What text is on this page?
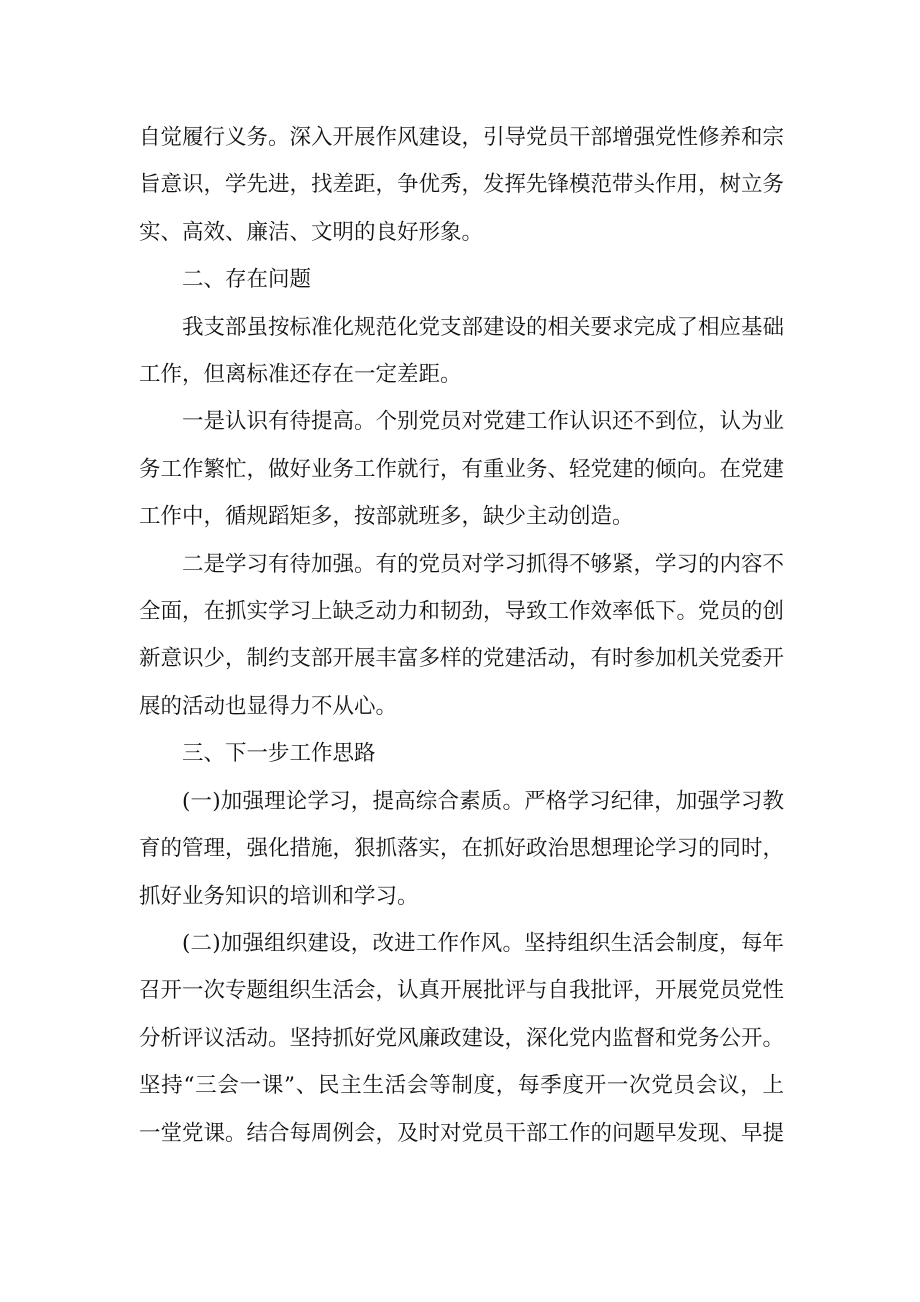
自觉履行义务。深入开展作风建设，引导党员干部增强党性修养和宗旨意识，学先进，找差距，争优秀，发挥先锋模范带头作用，树立务实、高效、廉洁、文明的良好形象。

二、存在问题

我支部虽按标准化规范化党支部建设的相关要求完成了相应基础工作，但离标准还存在一定差距。

一是认识有待提高。个别党员对党建工作认识还不到位，认为业务工作繁忙，做好业务工作就行，有重业务、轻党建的倾向。在党建工作中，循规蹈矩多，按部就班多，缺少主动创造。

二是学习有待加强。有的党员对学习抓得不够紧，学习的内容不全面，在抓实学习上缺乏动力和韧劲，导致工作效率低下。党员的创新意识少，制约支部开展丰富多样的党建活动，有时参加机关党委开展的活动也显得力不从心。

三、下一步工作思路

(一)加强理论学习，提高综合素质。严格学习纪律，加强学习教育的管理，强化措施，狠抓落实，在抓好政治思想理论学习的同时，抓好业务知识的培训和学习。

(二)加强组织建设，改进工作作风。坚持组织生活会制度，每年召开一次专题组织生活会，认真开展批评与自我批评，开展党员党性分析评议活动。坚持抓好党风廉政建设，深化党内监督和党务公开。坚持“三会一课”、民主生活会等制度，每季度开一次党员会议，上一堂党课。结合每周例会，及时对党员干部工作的问题早发现、早提
